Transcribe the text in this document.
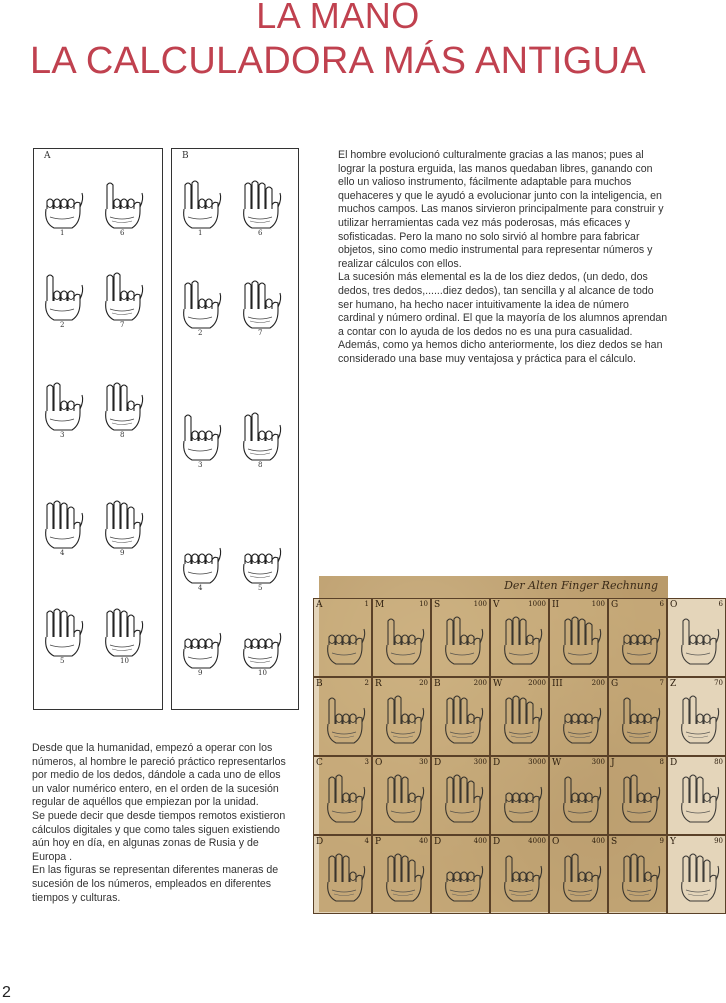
LA MANO
LA CALCULADORA MÁS ANTIGUA
A
1	6
2	7
3	8
4	9
5	10
B
1	6
2	7
3	8
4	5
9	10

El hombre evolucionó culturalmente gracias a las manos; pues al lograr la postura erguida, las manos quedaban libres, ganando con ello un valioso instrumento, fácilmente adaptable para muchos quehaceres y que le ayudó a evolucionar junto con la inteligencia, en muchos campos. Las manos sirvieron principalmente para construir y utilizar herramientas cada vez más poderosas, más eficaces y sofisticadas. Pero la mano no solo sirvió al hombre para fabricar objetos, sino como medio instrumental para representar números y realizar cálculos con ellos.

La sucesión más elemental es la de los diez dedos, (un dedo, dos dedos, tres dedos,......diez dedos), tan sencilla y al alcance de todo ser humano, ha hecho nacer intuitivamente la idea de número cardinal y número ordinal. El que la mayoría de los alumnos aprendan a contar con lo ayuda de los dedos no es una pura casualidad. Además, como ya hemos dicho anteriormente, los diez dedos se han considerado una base muy ventajosa y práctica para el cálculo.

Desde que la humanidad, empezó a operar con los números, al hombre le pareció práctico representarlos por medio de los dedos, dándole a cada uno de ellos un valor numérico entero, en el orden de la sucesión regular de aquéllos que empiezan por la unidad.

Se puede decir que desde tiempos remotos existieron cálculos digitales y que como tales siguen existiendo aún hoy en día, en algunas zonas de Rusia y de Europa .

En las figuras se representan diferentes maneras de sucesión de los números, empleados en diferentes tiempos y culturas.

Der Alten Finger Rechnung
A	1 M	10 S	100 V	1000 II	100 G	6 O	6
B	2 R	20 B	200 W	2000 III	200 G	7 Z	70
C	3 O	30 D	300 D	3000 W	300 J	8 D	80
D	4 P	40 D	400 D	4000 O	400 S	9 Y	90
2
